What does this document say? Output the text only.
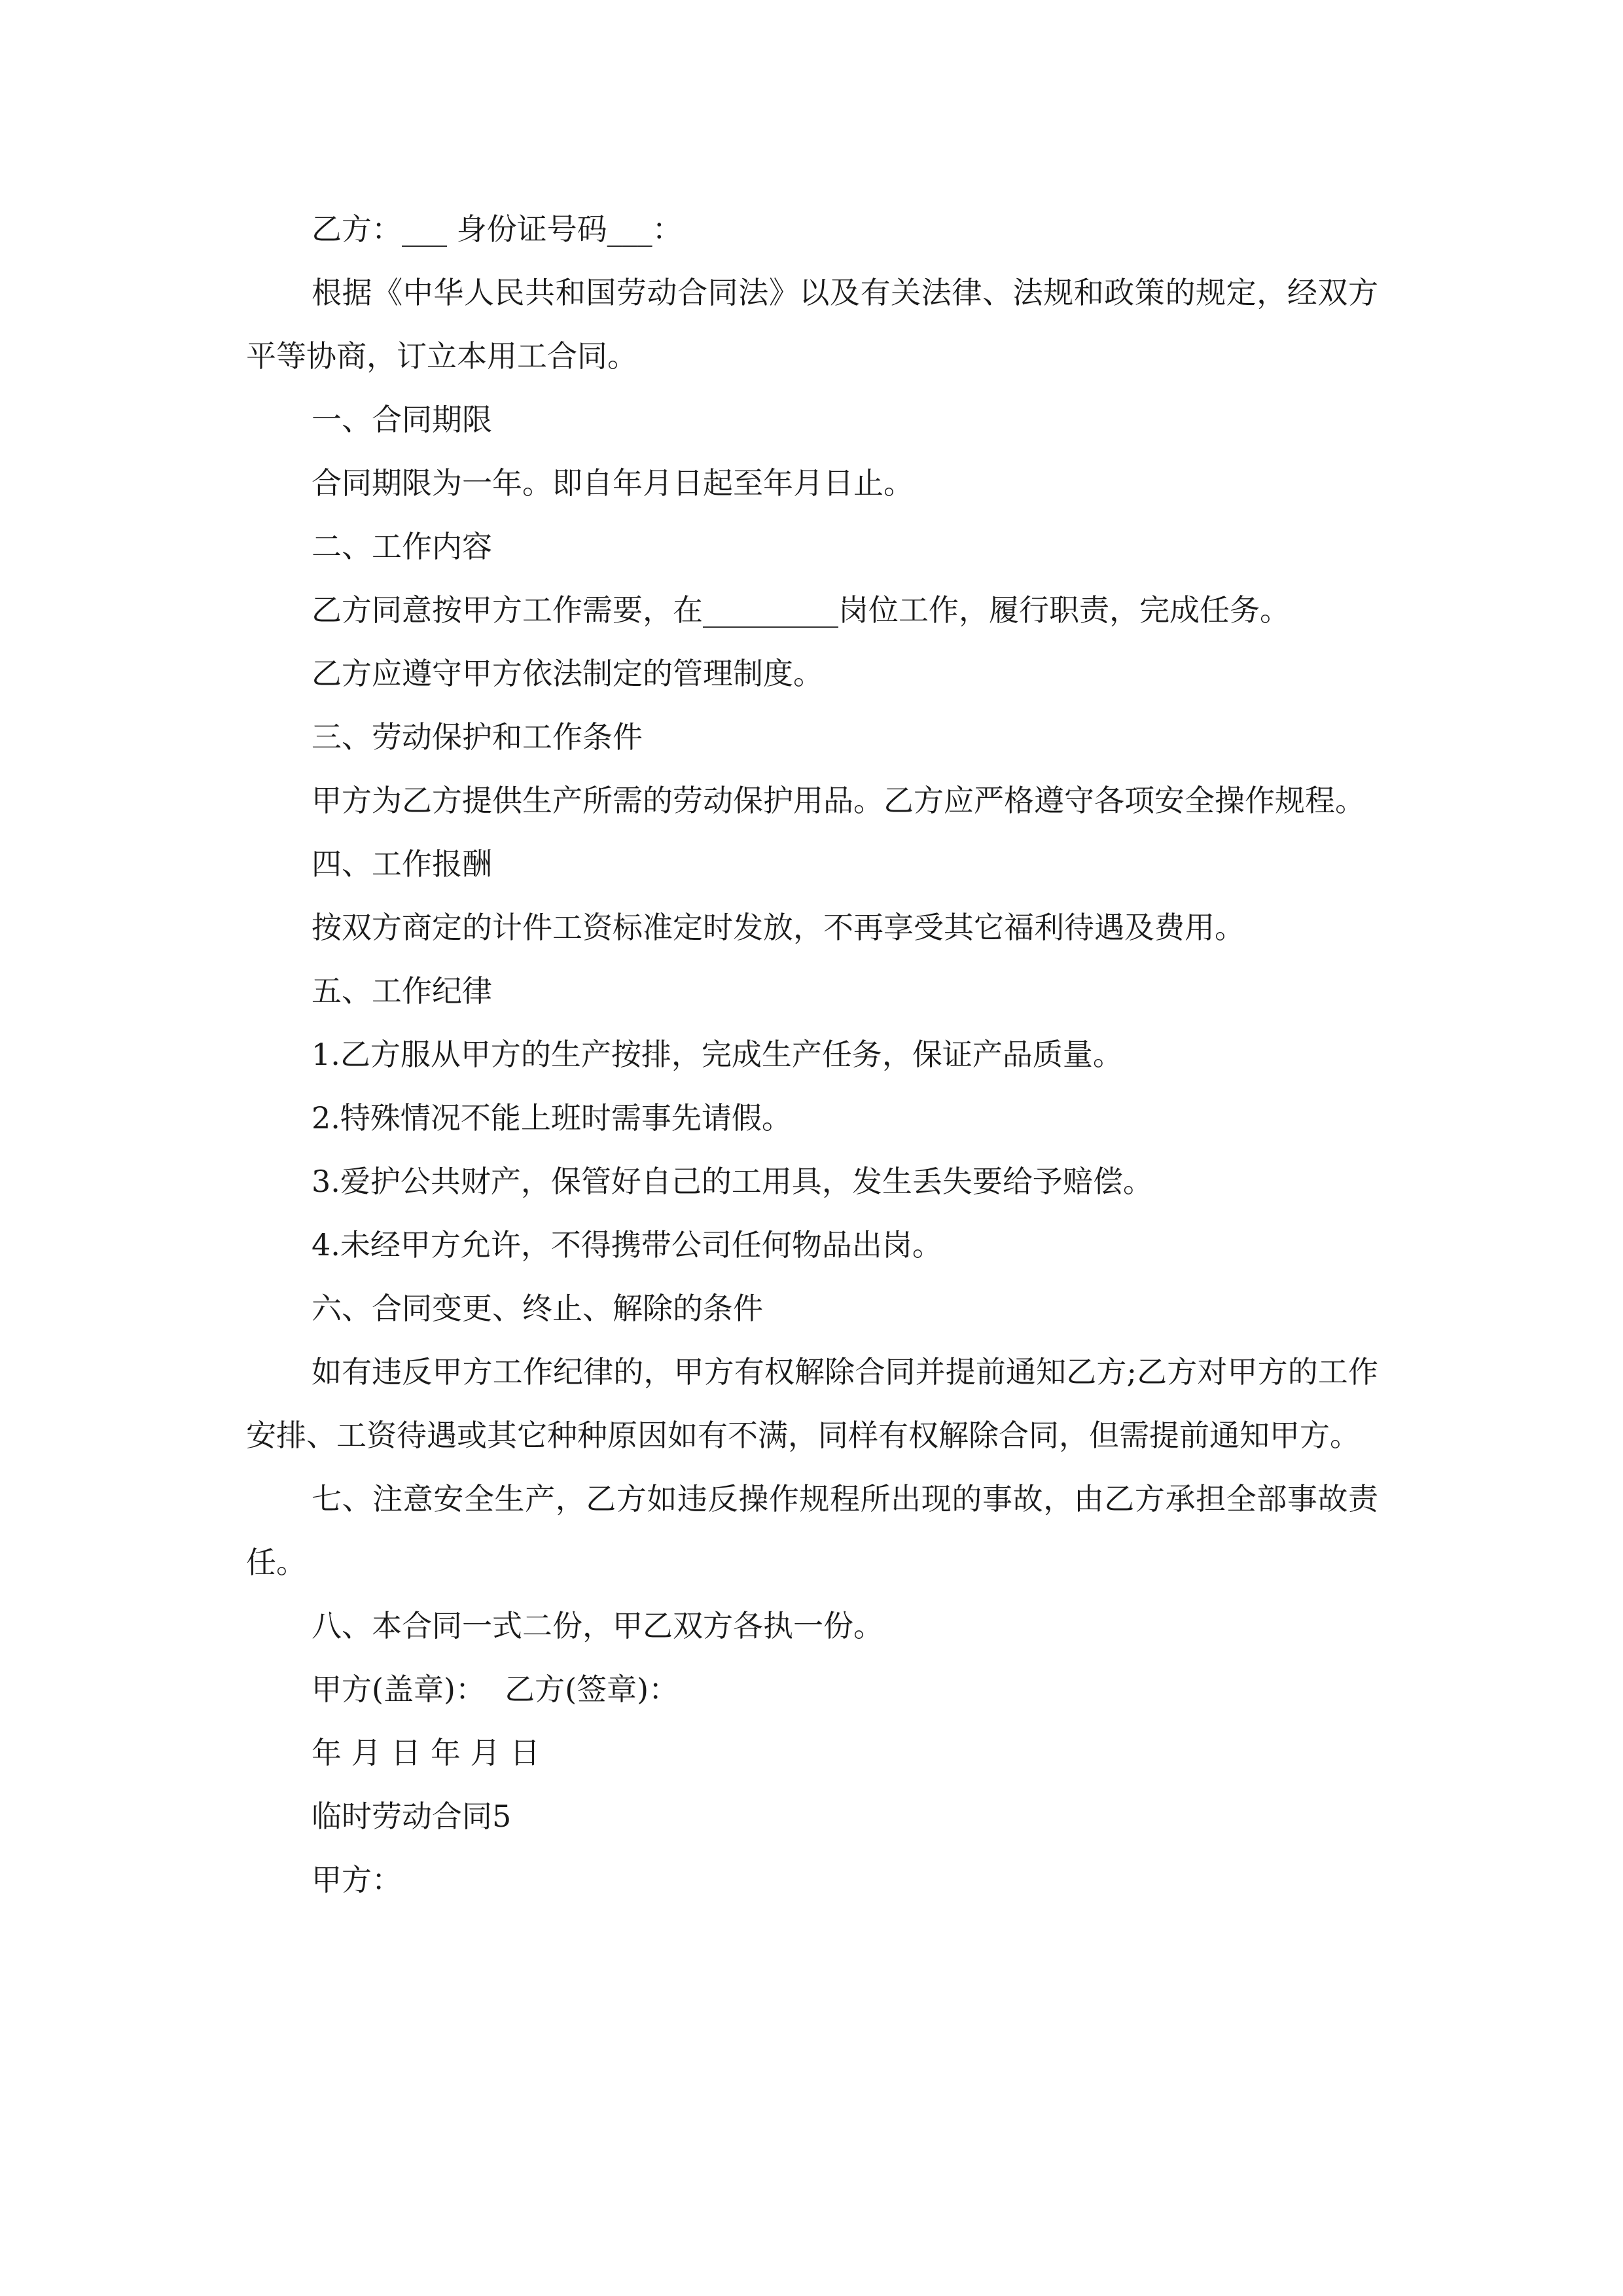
乙方：___ 身份证号码___：

根据《中华人民共和国劳动合同法》以及有关法律、法规和政策的规定，经双方平等协商，订立本用工合同。

一、合同期限

合同期限为一年。即自年月日起至年月日止。

二、工作内容

乙方同意按甲方工作需要，在_________岗位工作，履行职责，完成任务。

乙方应遵守甲方依法制定的管理制度。

三、劳动保护和工作条件

甲方为乙方提供生产所需的劳动保护用品。乙方应严格遵守各项安全操作规程。

四、工作报酬

按双方商定的计件工资标准定时发放，不再享受其它福利待遇及费用。

五、工作纪律

1.乙方服从甲方的生产按排，完成生产任务，保证产品质量。

2.特殊情况不能上班时需事先请假。

3.爱护公共财产，保管好自己的工用具，发生丢失要给予赔偿。

4.未经甲方允许，不得携带公司任何物品出岗。

六、合同变更、终止、解除的条件

如有违反甲方工作纪律的，甲方有权解除合同并提前通知乙方;乙方对甲方的工作安排、工资待遇或其它种种原因如有不满，同样有权解除合同，但需提前通知甲方。

七、注意安全生产，乙方如违反操作规程所出现的事故，由乙方承担全部事故责任。

八、本合同一式二份，甲乙双方各执一份。

甲方(盖章)：  乙方(签章)：

年 月 日 年 月 日

临时劳动合同5

甲方：
